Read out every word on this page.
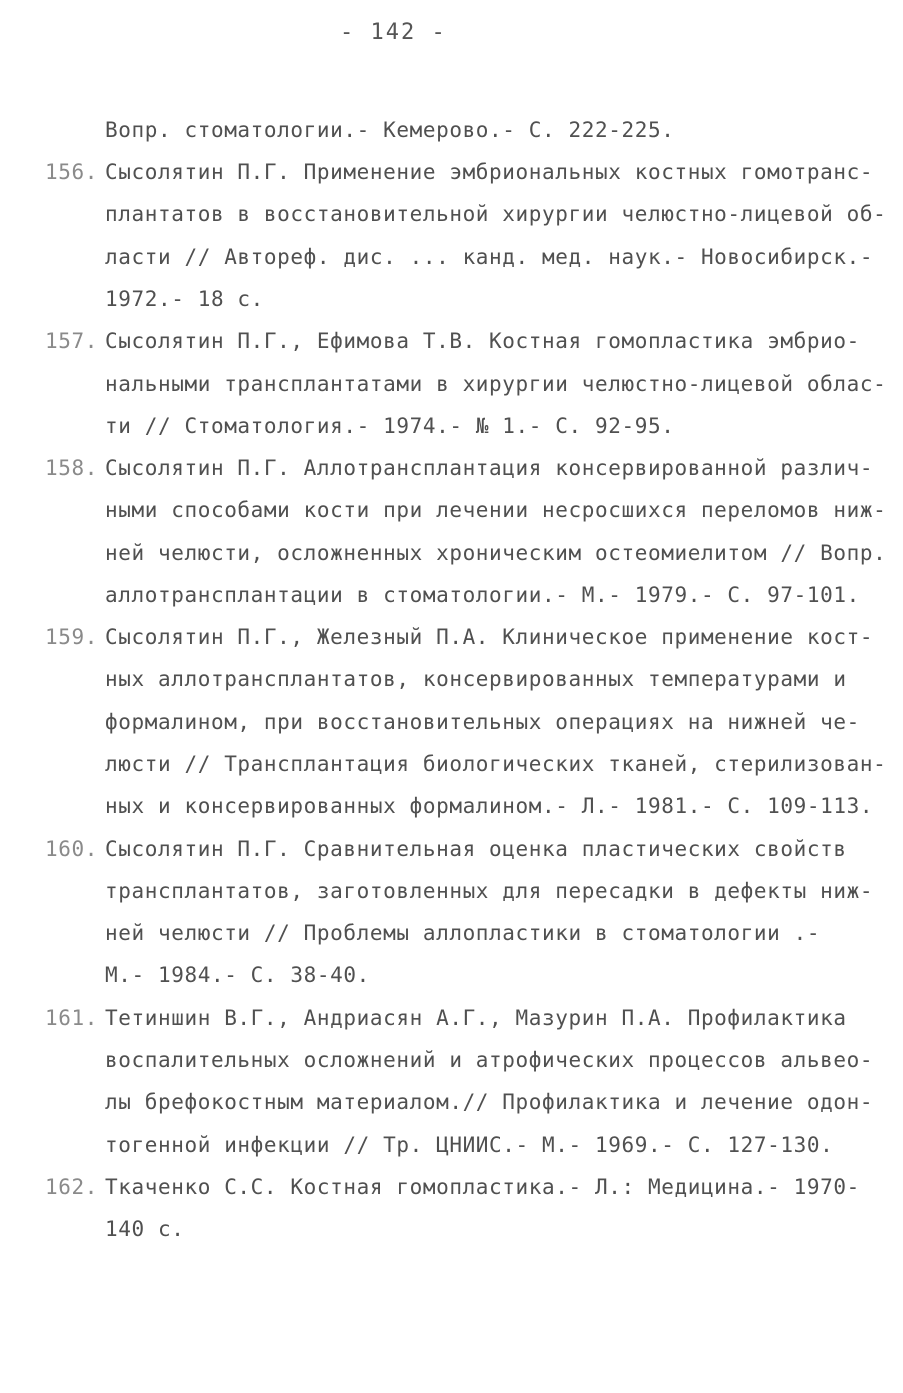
- 142 -
Вопр. стоматологии.- Кемерово.- С. 222-225.
156. Сысолятин П.Г. Применение эмбриональных костных гомотранс-
плантатов в восстановительной хирургии челюстно-лицевой об-
ласти // Автореф. дис. ... канд. мед. наук.- Новосибирск.-
1972.- 18 с.
157. Сысолятин П.Г., Ефимова Т.В. Костная гомопластика эмбрио-
нальными трансплантатами в хирургии челюстно-лицевой облас-
ти // Стоматология.- 1974.- № 1.- С. 92-95.
158. Сысолятин П.Г. Аллотрансплантация консервированной различ-
ными способами кости при лечении несросшихся переломов ниж-
ней челюсти, осложненных хроническим остеомиелитом // Вопр.
аллотрансплантации в стоматологии.- М.- 1979.- С. 97-101.
159. Сысолятин П.Г., Железный П.А. Клиническое применение кост-
ных аллотрансплантатов, консервированных температурами и
формалином, при восстановительных операциях на нижней че-
люсти // Трансплантация биологических тканей, стерилизован-
ных и консервированных формалином.- Л.- 1981.- С. 109-113.
160. Сысолятин П.Г. Сравнительная оценка пластических свойств
трансплантатов, заготовленных для пересадки в дефекты ниж-
ней челюсти // Проблемы аллопластики в стоматологии .-
М.- 1984.- С. 38-40.
161. Тетиншин В.Г., Андриасян А.Г., Мазурин П.А. Профилактика
воспалительных осложнений и атрофических процессов альвео-
лы брефокостным материалом.// Профилактика и лечение одон-
тогенной инфекции // Тр. ЦНИИС.- М.- 1969.- С. 127-130.
162. Ткаченко С.С. Костная гомопластика.- Л.: Медицина.- 1970-
140 с.
